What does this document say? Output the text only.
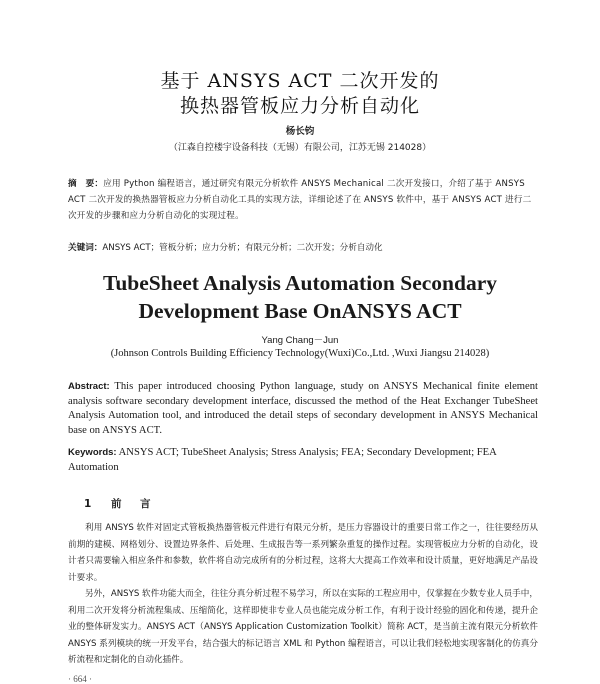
基于 ANSYS ACT 二次开发的
换热器管板应力分析自动化
杨长钧
（江森自控楼宇设备科技（无锡）有限公司，江苏无锡 214028）
摘　要：应用 Python 编程语言，通过研究有限元分析软件 ANSYS Mechanical 二次开发接口，介绍了基于 ANSYS ACT 二次开发的换热器管板应力分析自动化工具的实现方法，详细论述了在 ANSYS 软件中，基于 ANSYS ACT 进行二次开发的步骤和应力分析自动化的实现过程。
关键词：ANSYS ACT；管板分析；应力分析；有限元分析；二次开发；分析自动化
TubeSheet Analysis Automation Secondary
Development Base OnANSYS ACT
Yang Chang－Jun
(Johnson Controls Building Efficiency Technology(Wuxi)Co.,Ltd. ,Wuxi Jiangsu 214028)
Abstract: This paper introduced choosing Python language, study on ANSYS Mechanical finite element analysis software secondary development interface, discussed the method of the Heat Exchanger TubeSheet Analysis Automation tool, and introduced the detail steps of secondary development in ANSYS Mechanical base on ANSYS ACT.
Keywords: ANSYS ACT; TubeSheet Analysis; Stress Analysis; FEA; Secondary Development; FEA Automation
1 前　言

利用 ANSYS 软件对固定式管板换热器管板元件进行有限元分析，是压力容器设计的重要日常工作之一，往往要经历从前期的建模、网格划分、设置边界条件、后处理、生成报告等一系列繁杂重复的操作过程。实现管板应力分析的自动化，设计者只需要输入相应条件和参数，软件将自动完成所有的分析过程，这将大大提高工作效率和设计质量，更好地满足产品设计要求。

另外，ANSYS 软件功能大而全，往往分真分析过程不易学习，所以在实际的工程应用中，仅掌握在少数专业人员手中，利用二次开发将分析流程集成、压缩简化，这样即使非专业人员也能完成分析工作，有利于设计经验的固化和传递，提升企业的整体研发实力。ANSYS ACT（ANSYS Application Customization Toolkit）简称 ACT，是当前主流有限元分析软件 ANSYS 系列模块的统一开发平台，结合强大的标记语言 XML 和 Python 编程语言，可以让我们轻松地实现客制化的仿真分析流程和定制化的自动化插件。

· 664 ·
